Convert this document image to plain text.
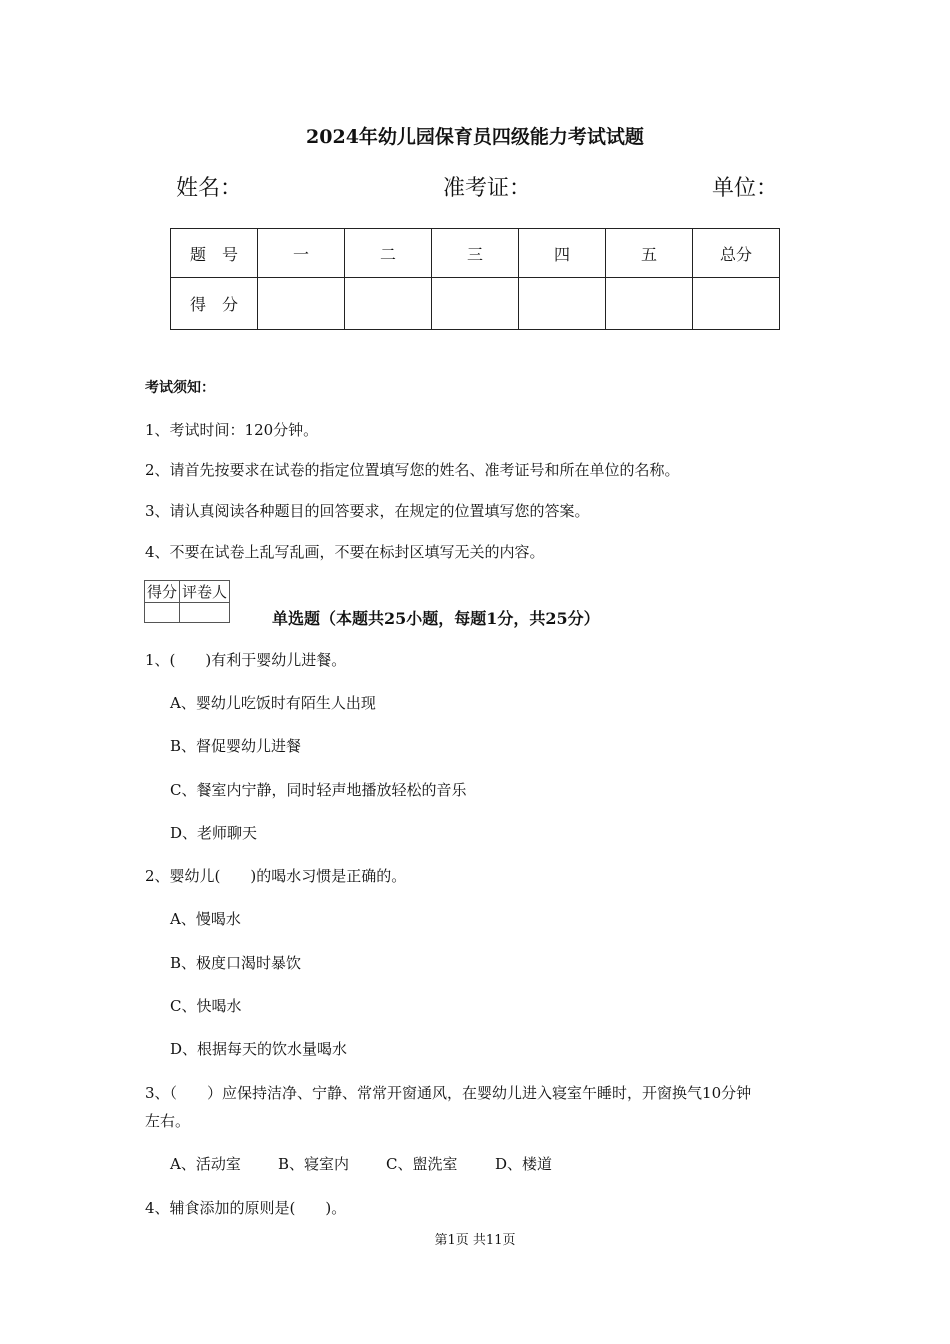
2024年幼儿园保育员四级能力考试试题
姓名：	准考证：	单位：
题　号	一	二	三	四	五	总分
得　分						
考试须知：
1、考试时间：120分钟。
2、请首先按要求在试卷的指定位置填写您的姓名、准考证号和所在单位的名称。
3、请认真阅读各种题目的回答要求，在规定的位置填写您的答案。
4、不要在试卷上乱写乱画，不要在标封区填写无关的内容。
得分	评卷人

单选题（本题共25小题，每题1分，共25分）
1、(　　)有利于婴幼儿进餐。
A、婴幼儿吃饭时有陌生人出现
B、督促婴幼儿进餐
C、餐室内宁静，同时轻声地播放轻松的音乐
D、老师聊天
2、婴幼儿(　　)的喝水习惯是正确的。
A、慢喝水
B、极度口渴时暴饮
C、快喝水
D、根据每天的饮水量喝水
3、（　　）应保持洁净、宁静、常常开窗通风，在婴幼儿进入寝室午睡时，开窗换气10分钟
左右。
A、活动室 B、寝室内 C、盥洗室	D、楼道
4、辅食添加的原则是(　　)。
第1页 共11页
